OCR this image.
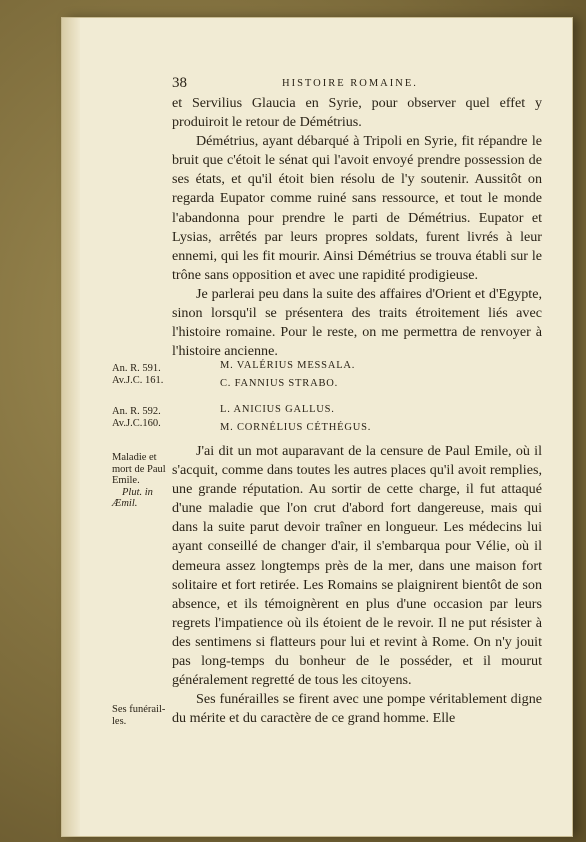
38	HISTOIRE ROMAINE.

et Servilius Glaucia en Syrie, pour observer quel effet y produiroit le retour de Démétrius.

Démétrius, ayant débarqué à Tripoli en Syrie, fit répandre le bruit que c'étoit le sénat qui l'avoit envoyé prendre possession de ses états, et qu'il étoit bien résolu de l'y soutenir. Aussitôt on regarda Eupator comme ruiné sans ressource, et tout le monde l'abandonna pour prendre le parti de Démétrius. Eupator et Lysias, arrêtés par leurs propres soldats, furent livrés à leur ennemi, qui les fit mourir. Ainsi Démétrius se trouva établi sur le trône sans opposition et avec une rapidité prodigieuse.

Je parlerai peu dans la suite des affaires d'Orient et d'Egypte, sinon lorsqu'il se présentera des traits étroitement liés avec l'histoire romaine. Pour le reste, on me permettra de renvoyer à l'histoire ancienne.

An. R. 591.
Av.J.C. 161.
M. VALÉRIUS MESSALA.
C. FANNIUS STRABO.
An. R. 592.
Av.J.C.160.
L. ANICIUS GALLUS.
M. CORNÉLIUS CÉTHÉGUS.
Maladie et
mort de Paul
Emile.
Plut. in
Æmil.

J'ai dit un mot auparavant de la censure de Paul Emile, où il s'acquit, comme dans toutes les autres places qu'il avoit remplies, une grande réputation. Au sortir de cette charge, il fut attaqué d'une maladie que l'on crut d'abord fort dangereuse, mais qui dans la suite parut devoir traîner en longueur. Les médecins lui ayant conseillé de changer d'air, il s'embarqua pour Vélie, où il demeura assez longtemps près de la mer, dans une maison fort solitaire et fort retirée. Les Romains se plaignirent bientôt de son absence, et ils témoignèrent en plus d'une occasion par leurs regrets l'impatience où ils étoient de le revoir. Il ne put résister à des sentimens si flatteurs pour lui et revint à Rome. On n'y jouit pas long-temps du bonheur de le posséder, et il mourut généralement regretté de tous les citoyens.

Ses funérail-
les.

Ses funérailles se firent avec une pompe véritablement digne du mérite et du caractère de ce grand homme. Elle
